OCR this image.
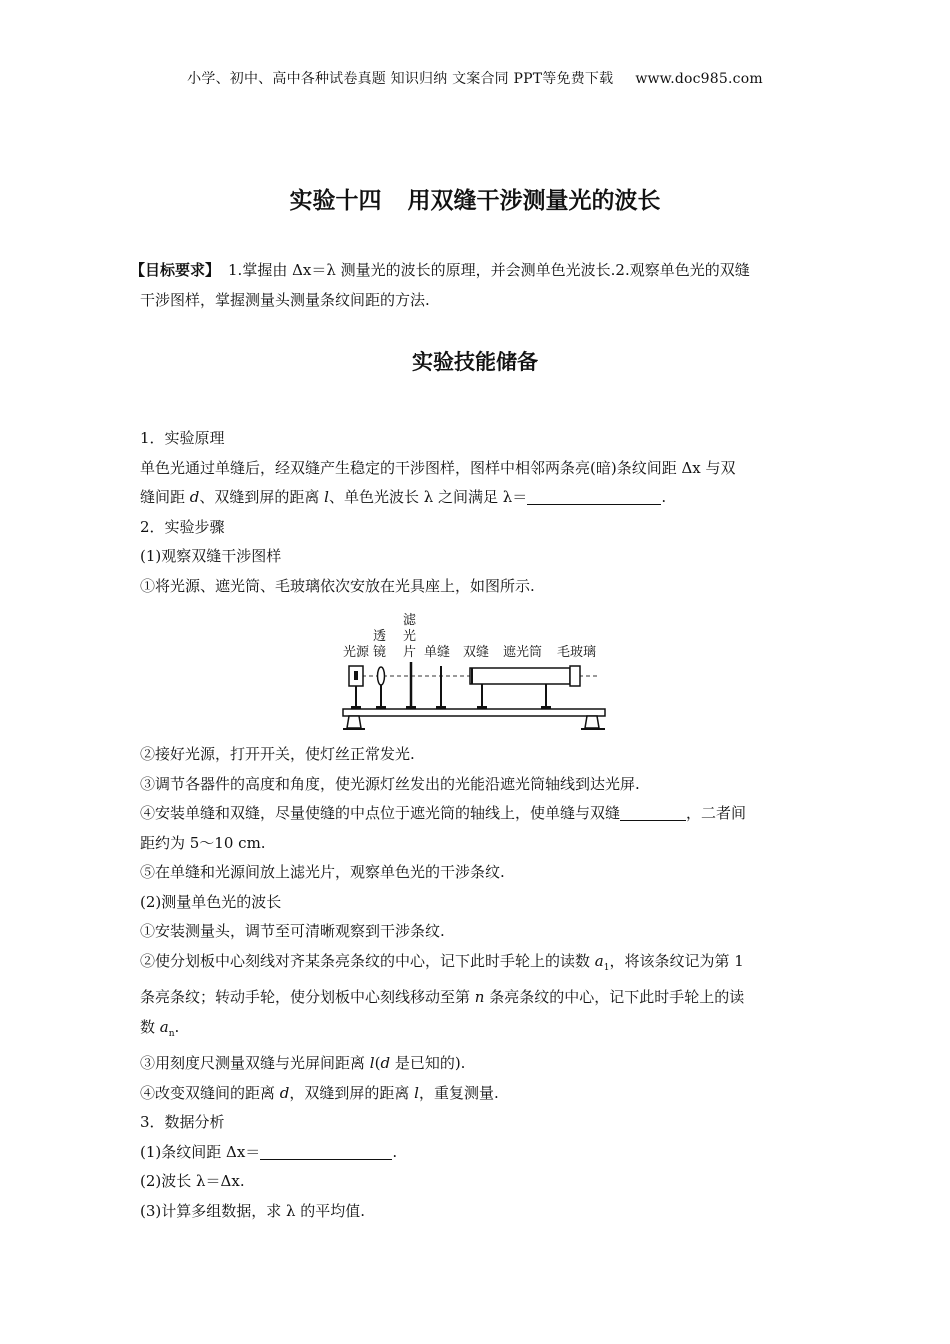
小学、初中、高中各种试卷真题 知识归纳 文案合同 PPT等免费下载 www.doc985.com
实验十四 用双缝干涉测量光的波长
【目标要求】 1.掌握由 Δx＝λ 测量光的波长的原理，并会测单色光波长.2.观察单色光的双缝
干涉图样，掌握测量头测量条纹间距的方法.
实验技能储备
1．实验原理
单色光通过单缝后，经双缝产生稳定的干涉图样，图样中相邻两条亮(暗)条纹间距 Δx 与双
缝间距 d、双缝到屏的距离 l、单色光波长 λ 之间满足 λ＝	.
2．实验步骤
(1)观察双缝干涉图样
①将光源、遮光筒、毛玻璃依次安放在光具座上，如图所示.
光源
透
镜
滤
光
片 单缝 双缝 遮光筒 毛玻璃
②接好光源，打开开关，使灯丝正常发光.
③调节各器件的高度和角度，使光源灯丝发出的光能沿遮光筒轴线到达光屏.
④安装单缝和双缝，尽量使缝的中点位于遮光筒的轴线上，使单缝与双缝	，二者间
距约为 5～10 cm.
⑤在单缝和光源间放上滤光片，观察单色光的干涉条纹.
(2)测量单色光的波长
①安装测量头，调节至可清晰观察到干涉条纹.
②使分划板中心刻线对齐某条亮条纹的中心，记下此时手轮上的读数 $a_1$，将该条纹记为第 1
条亮条纹；转动手轮，使分划板中心刻线移动至第 n 条亮条纹的中心，记下此时手轮上的读
数 $a_n$.
③用刻度尺测量双缝与光屏间距离 l(d 是已知的).
④改变双缝间的距离 d，双缝到屏的距离 l，重复测量.
3．数据分析
(1)条纹间距 Δx＝	.
(2)波长 λ＝Δx.
(3)计算多组数据，求 λ 的平均值.
